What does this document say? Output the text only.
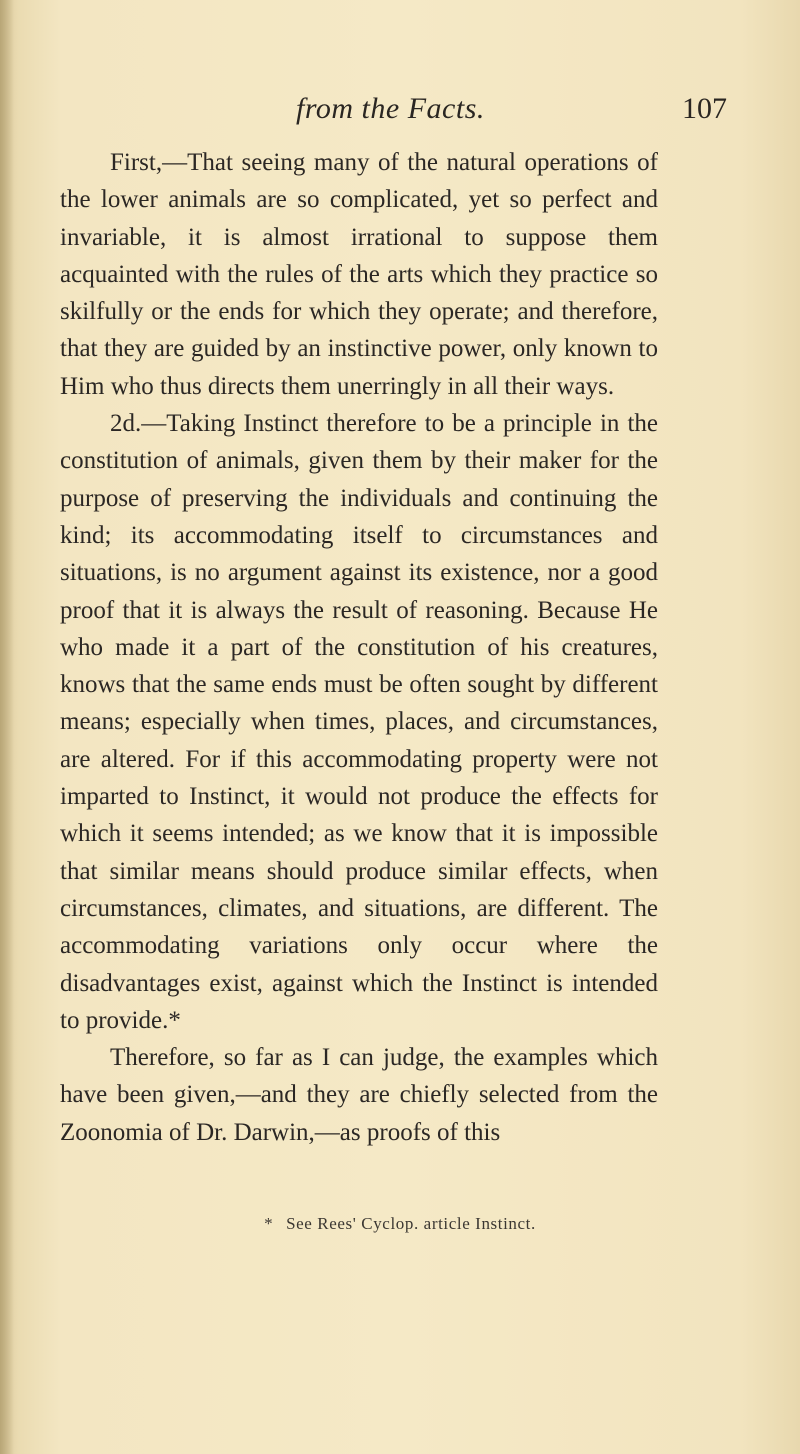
from the Facts.	107

First,—That seeing many of the natural operations of the lower animals are so complicated, yet so perfect and invariable, it is almost irrational to suppose them acquainted with the rules of the arts which they practice so skilfully or the ends for which they operate; and therefore, that they are guided by an instinctive power, only known to Him who thus directs them unerringly in all their ways.

2d.—Taking Instinct therefore to be a principle in the constitution of animals, given them by their maker for the purpose of preserving the individuals and continuing the kind; its accommodating itself to circumstances and situations, is no argument against its existence, nor a good proof that it is always the result of reasoning. Because He who made it a part of the constitution of his creatures, knows that the same ends must be often sought by different means; especially when times, places, and circumstances, are altered. For if this accommodating property were not imparted to Instinct, it would not produce the effects for which it seems intended; as we know that it is impossible that similar means should produce similar effects, when circumstances, climates, and situations, are different. The accommodating variations only occur where the disadvantages exist, against which the Instinct is intended to provide.*

Therefore, so far as I can judge, the examples which have been given,—and they are chiefly selected from the Zoonomia of Dr. Darwin,—as proofs of this

* See Rees' Cyclop. article Instinct.
